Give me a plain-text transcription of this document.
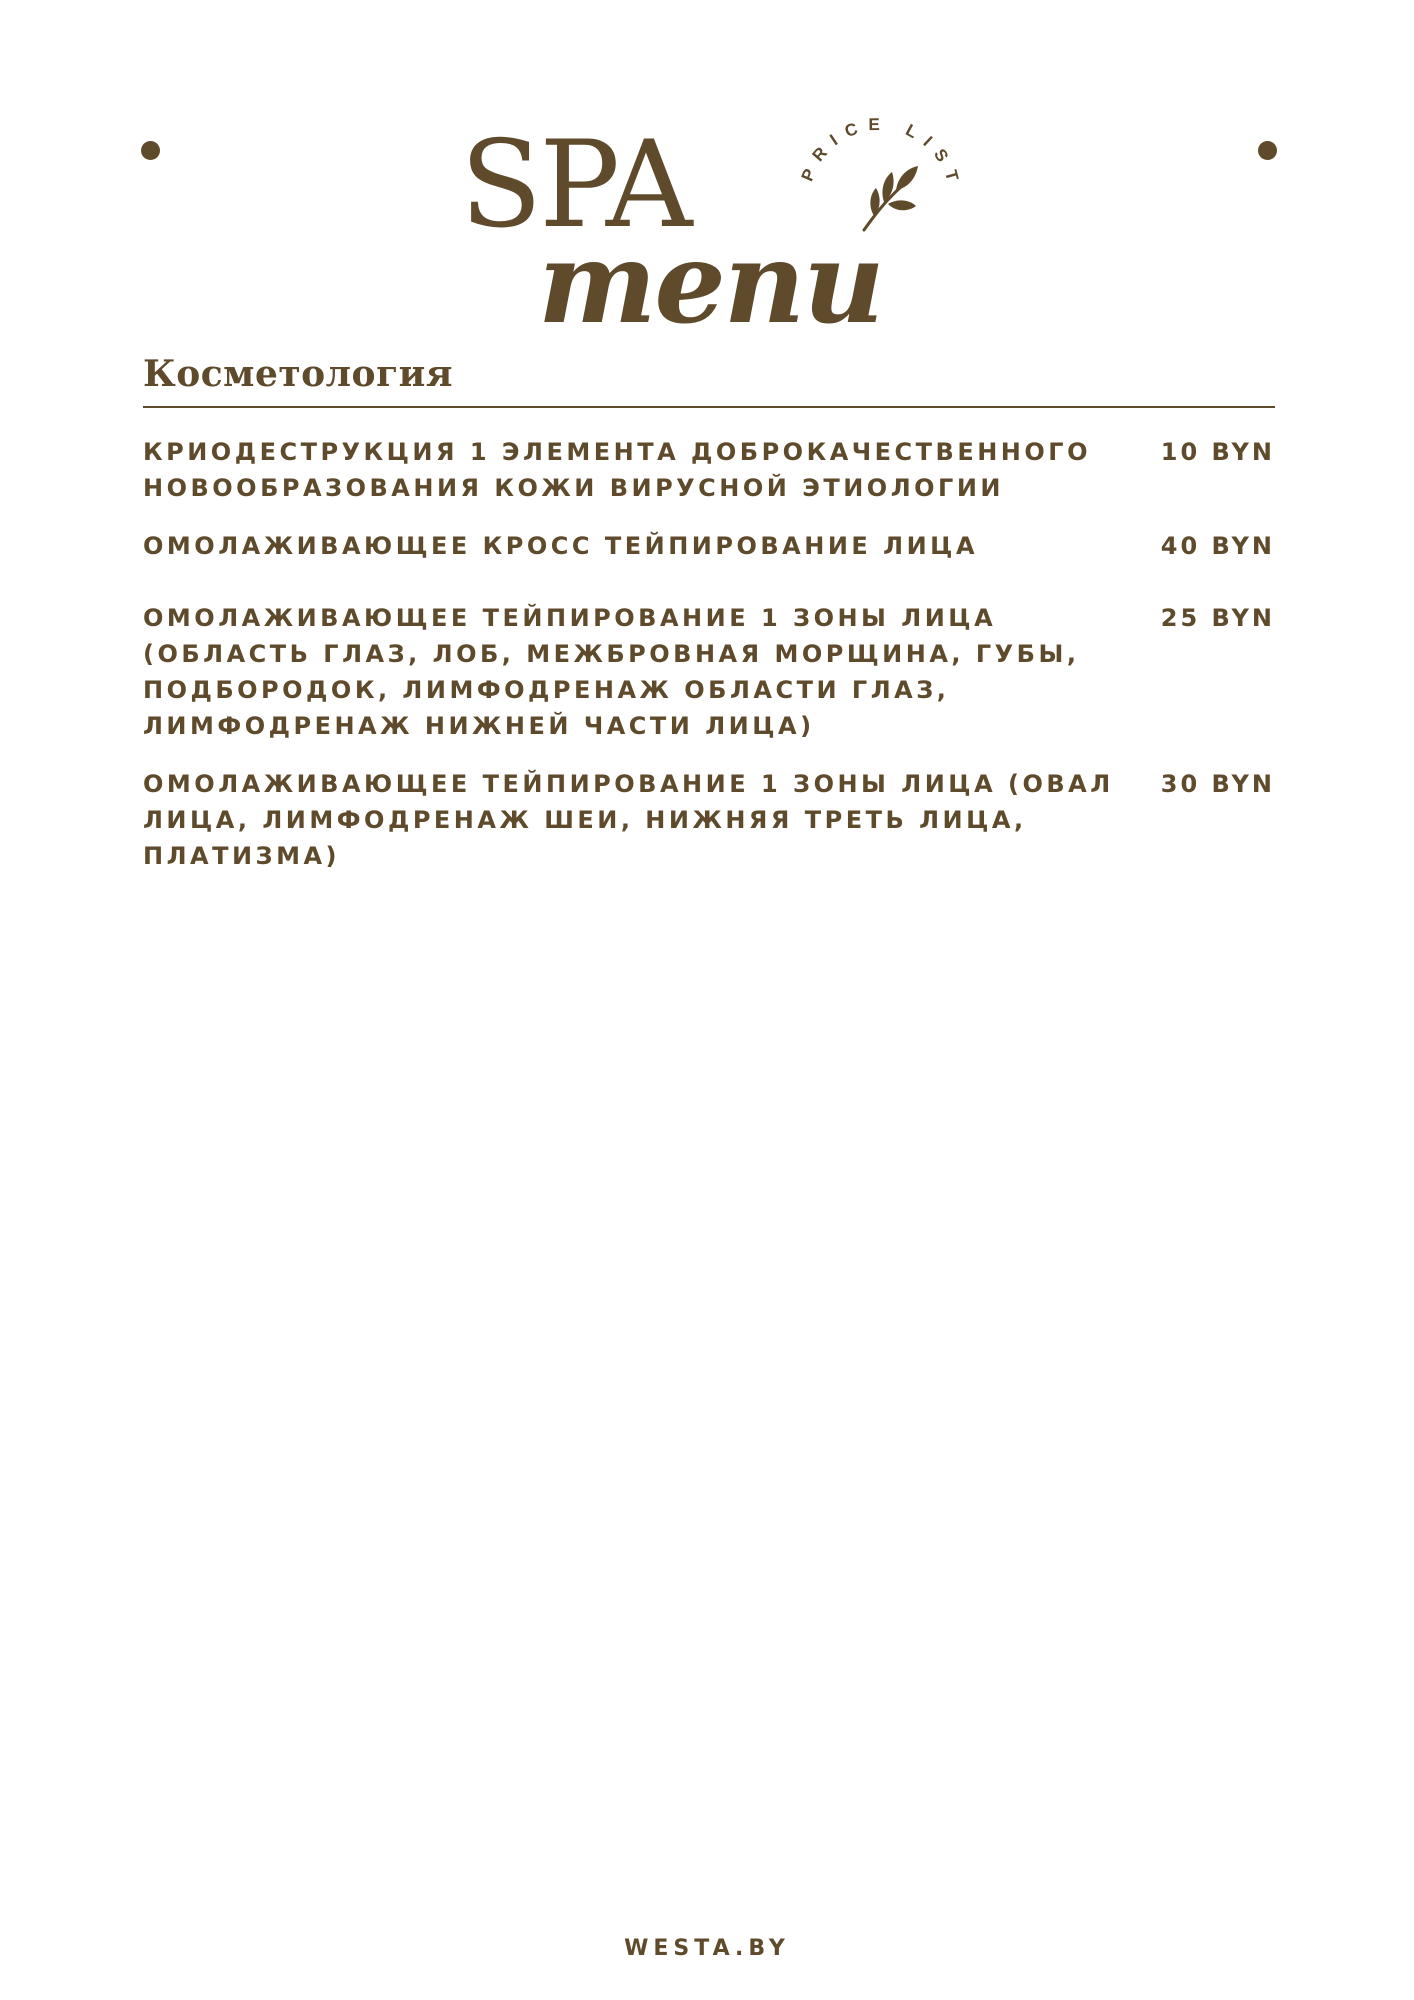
SPA
menu
PRICE LIST
Косметология
КРИОДЕСТРУКЦИЯ 1 ЭЛЕМЕНТА ДОБРОКАЧЕСТВЕННОГО НОВООБРАЗОВАНИЯ КОЖИ ВИРУСНОЙ ЭТИОЛОГИИ
10 BYN
ОМОЛАЖИВАЮЩЕЕ КРОСС ТЕЙПИРОВАНИЕ ЛИЦА	40 BYN
ОМОЛАЖИВАЮЩЕЕ ТЕЙПИРОВАНИЕ 1 ЗОНЫ ЛИЦА (ОБЛАСТЬ ГЛАЗ, ЛОБ, МЕЖБРОВНАЯ МОРЩИНА, ГУБЫ, ПОДБОРОДОК, ЛИМФОДРЕНАЖ ОБЛАСТИ ГЛАЗ, ЛИМФОДРЕНАЖ НИЖНЕЙ ЧАСТИ ЛИЦА)
25 BYN
ОМОЛАЖИВАЮЩЕЕ ТЕЙПИРОВАНИЕ 1 ЗОНЫ ЛИЦА (ОВАЛ ЛИЦА, ЛИМФОДРЕНАЖ ШЕИ, НИЖНЯЯ ТРЕТЬ ЛИЦА, ПЛАТИЗМА)
30 BYN
WESTA.BY
